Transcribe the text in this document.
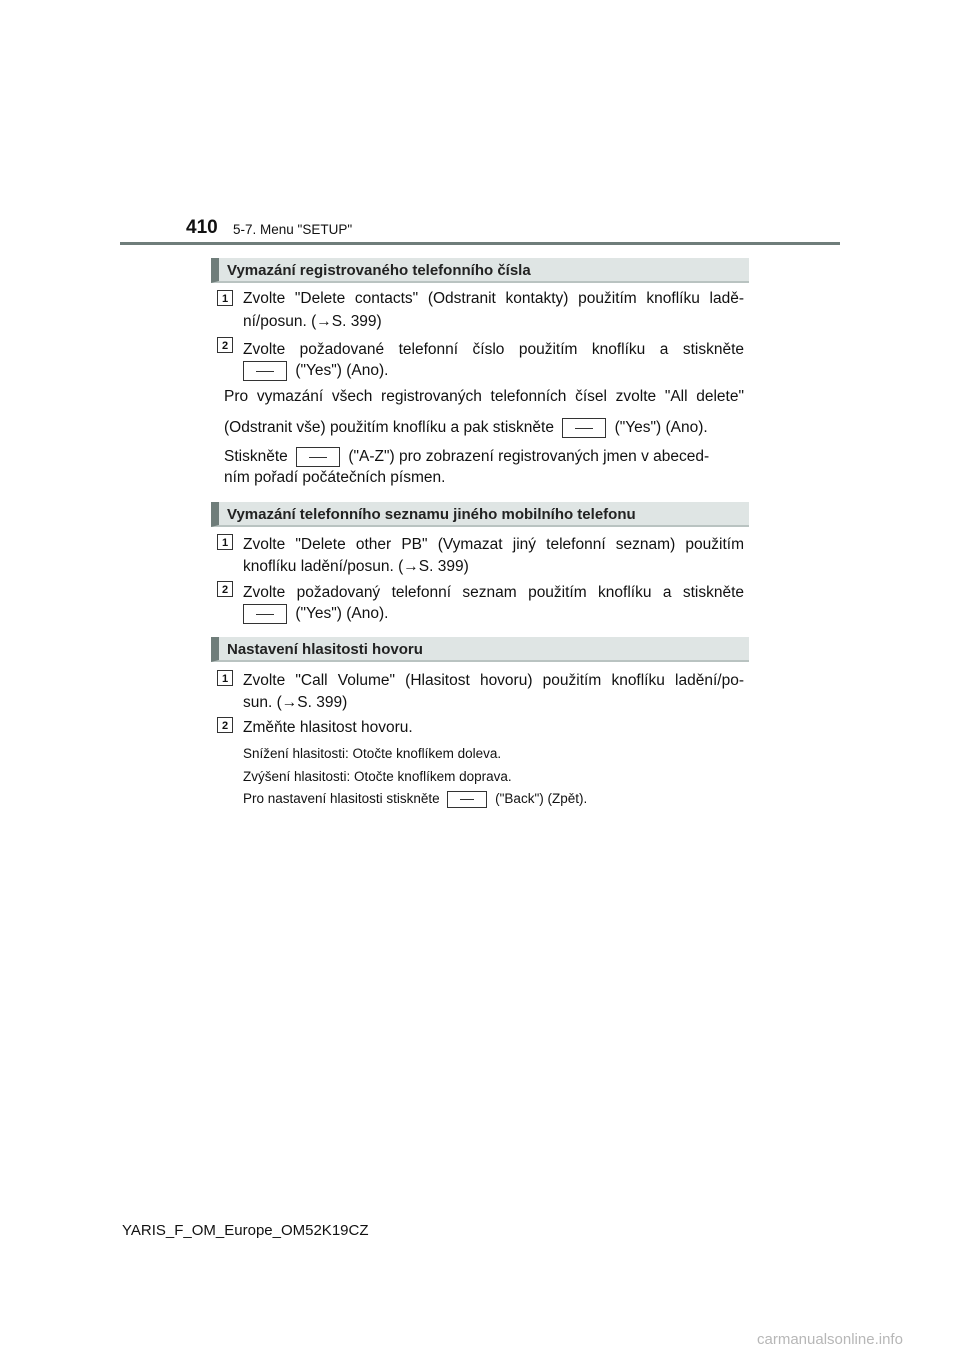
410 5-7. Menu "SETUP"
Vymazání registrovaného telefonního čísla
1 Zvolte "Delete contacts" (Odstranit kontakty) použitím knoflíku ladě-
ní/posun. (→S. 399)
2 Zvolte požadované telefonní číslo použitím knoflíku a stiskněte
("Yes") (Ano).
Pro vymazání všech registrovaných telefonních čísel zvolte "All delete"
(Odstranit vše) použitím knoflíku a pak stiskněte	("Yes") (Ano).
Stiskněte	("A-Z") pro zobrazení registrovaných jmen v abeced-
ním pořadí počátečních písmen.
Vymazání telefonního seznamu jiného mobilního telefonu
1 Zvolte "Delete other PB" (Vymazat jiný telefonní seznam) použitím
knoflíku ladění/posun. (→S. 399)
2 Zvolte požadovaný telefonní seznam použitím knoflíku a stiskněte
("Yes") (Ano).
Nastavení hlasitosti hovoru
1 Zvolte "Call Volume" (Hlasitost hovoru) použitím knoflíku ladění/po-
sun. (→S. 399)
2 Změňte hlasitost hovoru.
Snížení hlasitosti: Otočte knoflíkem doleva.
Zvýšení hlasitosti: Otočte knoflíkem doprava.
Pro nastavení hlasitosti stiskněte	("Back") (Zpět).
YARIS_F_OM_Europe_OM52K19CZ
carmanualsonline.info
